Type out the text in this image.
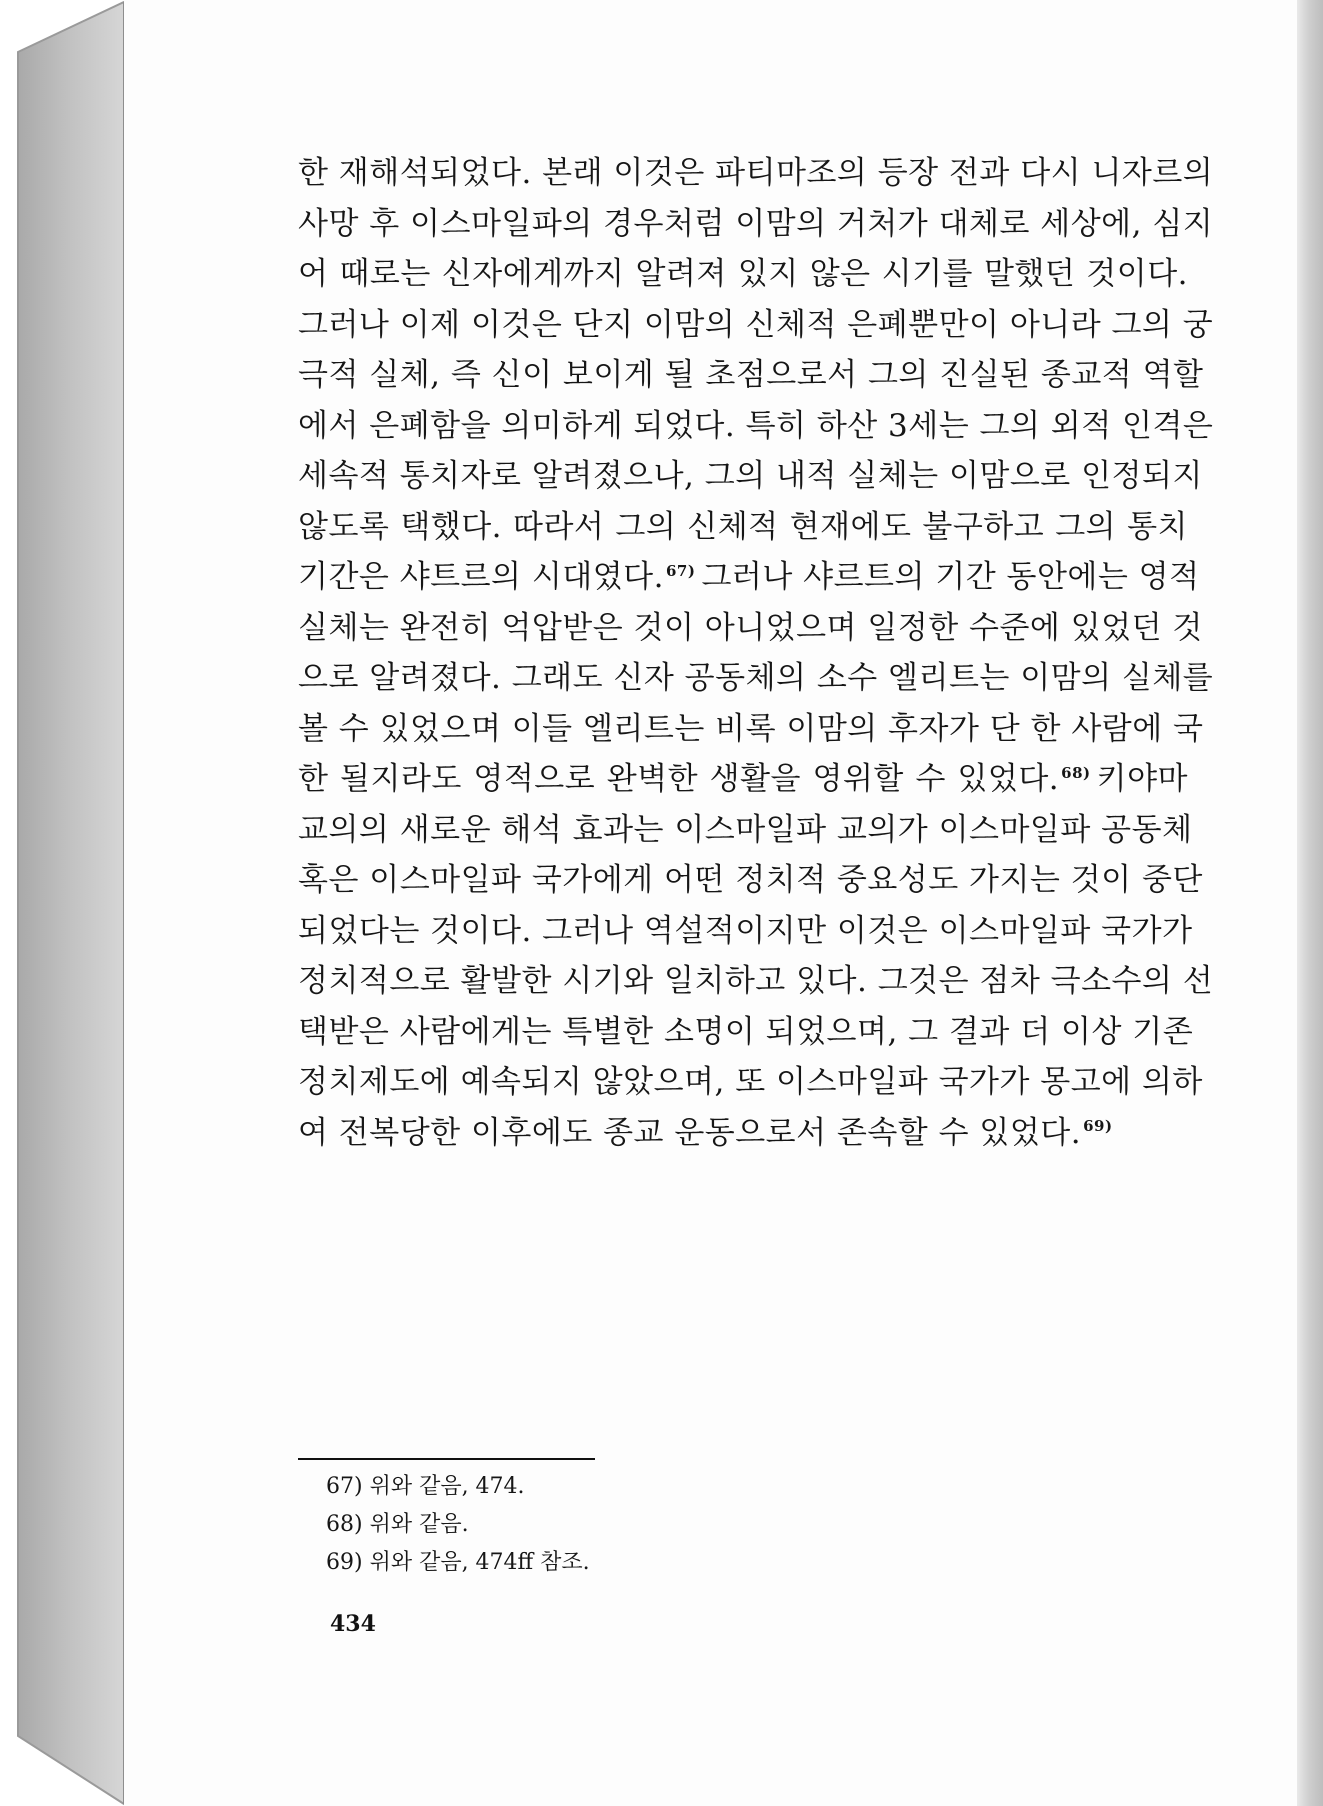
한 재해석되었다. 본래 이것은 파티마조의 등장 전과 다시 니자르의
사망 후 이스마일파의 경우처럼 이맘의 거처가 대체로 세상에, 심지
어 때로는 신자에게까지 알려져 있지 않은 시기를 말했던 것이다.
그러나 이제 이것은 단지 이맘의 신체적 은폐뿐만이 아니라 그의 궁
극적 실체, 즉 신이 보이게 될 초점으로서 그의 진실된 종교적 역할
에서 은폐함을 의미하게 되었다. 특히 하산 3세는 그의 외적 인격은
세속적 통치자로 알려졌으나, 그의 내적 실체는 이맘으로 인정되지
않도록 택했다. 따라서 그의 신체적 현재에도 불구하고 그의 통치
기간은 샤트르의 시대였다. $^{67)}$ 그러나 샤르트의 기간 동안에는 영적
실체는 완전히 억압받은 것이 아니었으며 일정한 수준에 있었던 것
으로 알려졌다. 그래도 신자 공동체의 소수 엘리트는 이맘의 실체를
볼 수 있었으며 이들 엘리트는 비록 이맘의 후자가 단 한 사람에 국
한 될지라도 영적으로 완벽한 생활을 영위할 수 있었다. $^{68)}$ 키야마
교의의 새로운 해석 효과는 이스마일파 교의가 이스마일파 공동체
혹은 이스마일파 국가에게 어떤 정치적 중요성도 가지는 것이 중단
되었다는 것이다. 그러나 역설적이지만 이것은 이스마일파 국가가
정치적으로 활발한 시기와 일치하고 있다. 그것은 점차 극소수의 선
택받은 사람에게는 특별한 소명이 되었으며, 그 결과 더 이상 기존
정치제도에 예속되지 않았으며, 또 이스마일파 국가가 몽고에 의하
여 전복당한 이후에도 종교 운동으로서 존속할 수 있었다. $^{69)}$
67) 위와 같음, 474.
68) 위와 같음.
69) 위와 같음, 474ff 참조.
434
